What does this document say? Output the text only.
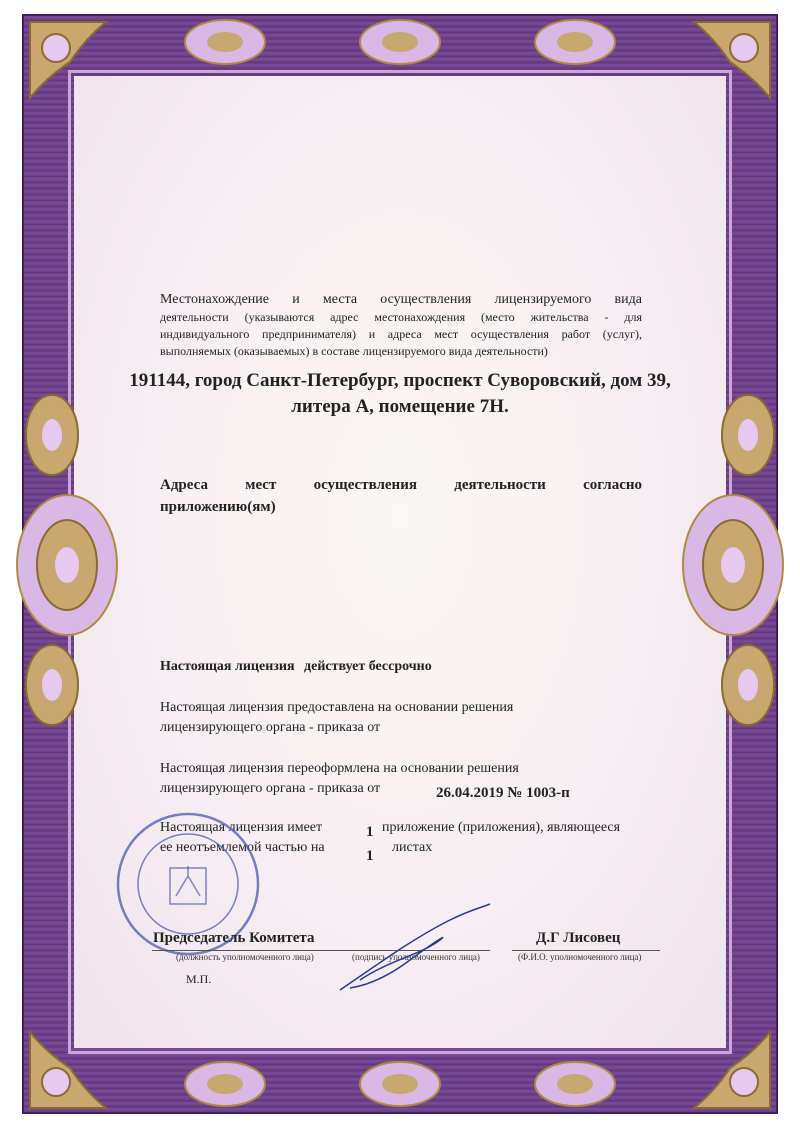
Местонахождение и места осуществления лицензируемого вида
деятельности (указываются адрес местонахождения (место жительства - для
индивидуального предпринимателя) и адреса мест осуществления работ (услуг),
выполняемых (оказываемых) в составе лицензируемого вида деятельности)
191144, город Санкт-Петербург, проспект Суворовский, дом 39,
литера А, помещение 7Н.
Адреса мест осуществления деятельности согласно
приложению(ям)
Настоящая лицензия действует бессрочно
Настоящая лицензия предоставлена на основании решения
лицензирующего органа - приказа от
Настоящая лицензия переоформлена на основании решения
лицензирующего органа - приказа от	26.04.2019 № 1003-п
Настоящая лицензия имеет	1 приложение (приложения), являющееся
ее неотъемлемой частью на
1
листах
Председатель Комитета
(должность уполномоченного лица)	(подпись уполномоченного лица)
Д.Г Лисовец
(Ф.И.О. уполномоченного лица)
М.П.
